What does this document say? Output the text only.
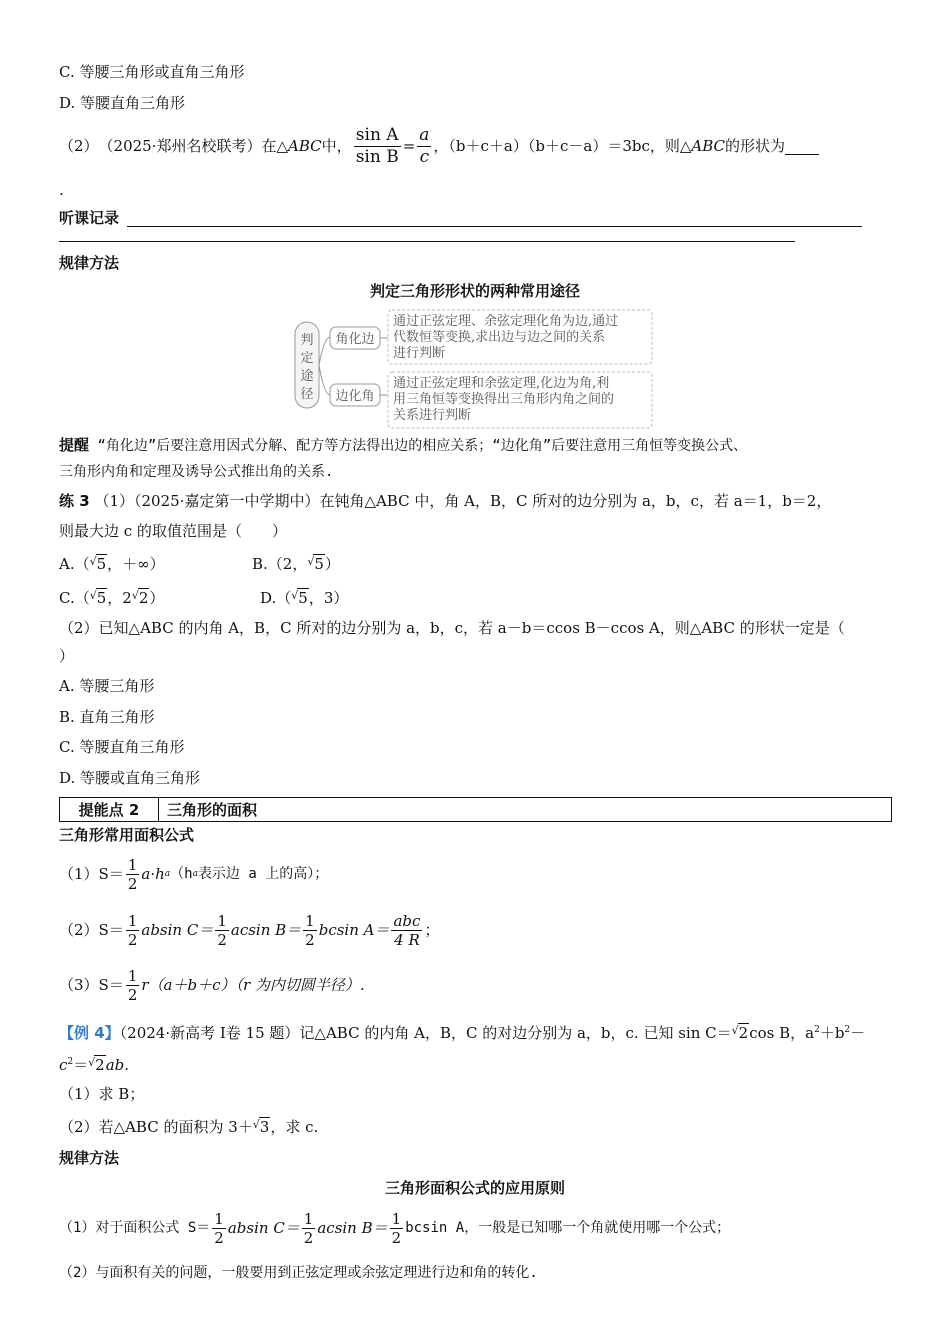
C. 等腰三角形或直角三角形
D. 等腰直角三角形
（2） （2025·郑州名校联考） 在△ ABC 中， $\frac{\text{sin A}}{\text{sin B}} = \frac{a}{c}$ ，（b＋c＋a）（b＋c－a）＝3bc，则△ ABC 的形状为
.
听课记录
规律方法
判定三角形形状的两种常用途径
判
定
途
径
角化边
边化角
通过正弦定理、余弦定理化角为边,通过
代数恒等变换,求出边与边之间的关系
进行判断
通过正弦定理和余弦定理,化边为角,利
用三角恒等变换得出三角形内角之间的
关系进行判断
提醒 “角化边”后要注意用因式分解、配方等方法得出边的相应关系；“边化角”后要注意用三角恒等变换公式、
三角形内角和定理及诱导公式推出角的关系.
练 3 （1）（2025·嘉定第一中学期中）在钝角△ABC 中，角 A，B，C 所对的边分别为 a，b，c，若 a＝1，b＝2，
则最大边 c 的取值范围是（　　）
A.（√5，＋∞）	B.（2，√5）
C.（√5，2√2）	D.（√5，3）
（2）已知△ABC 的内角 A，B，C 所对的边分别为 a，b，c，若 a－b＝ccos B－ccos A，则△ABC 的形状一定是（
）
A. 等腰三角形
B. 直角三角形
C. 等腰直角三角形
D. 等腰或直角三角形
提能点 2	三角形的面积
三角形常用面积公式
$(1)S= \frac{1}{2} a\cdot h$ a （h a 表示边 a 上的高）；
$(2)S= \frac{1}{2}$ absin $C= \frac{1}{2}$ acsin $B= \frac{1}{2}$ bcsin $A= \frac{\text{abc}}{4 R}$ ；
$(3)S= \frac{1}{2} r(a+b+c)(r$ 为内切圆半径）.
【例 4】（2024·新高考 Ⅰ卷 15 题）记△ABC 的内角 A，B，C 的对边分别为 a，b，c. 已知 sin C＝√2cos B，$a^2+b^2-$
$c^2=^√2ab$.
（1）求 B；
（2）若△ABC 的面积为 3＋√3，求 c.
规律方法
三角形面积公式的应用原则
（1）对于面积公式 $S= \frac{1}{2}$ absin $C= \frac{1}{2}$ acsin $B= \frac{1}{2}$ bcsin A，一般是已知哪一个角就使用哪一个公式；
（2）与面积有关的问题，一般要用到正弦定理或余弦定理进行边和角的转化.
